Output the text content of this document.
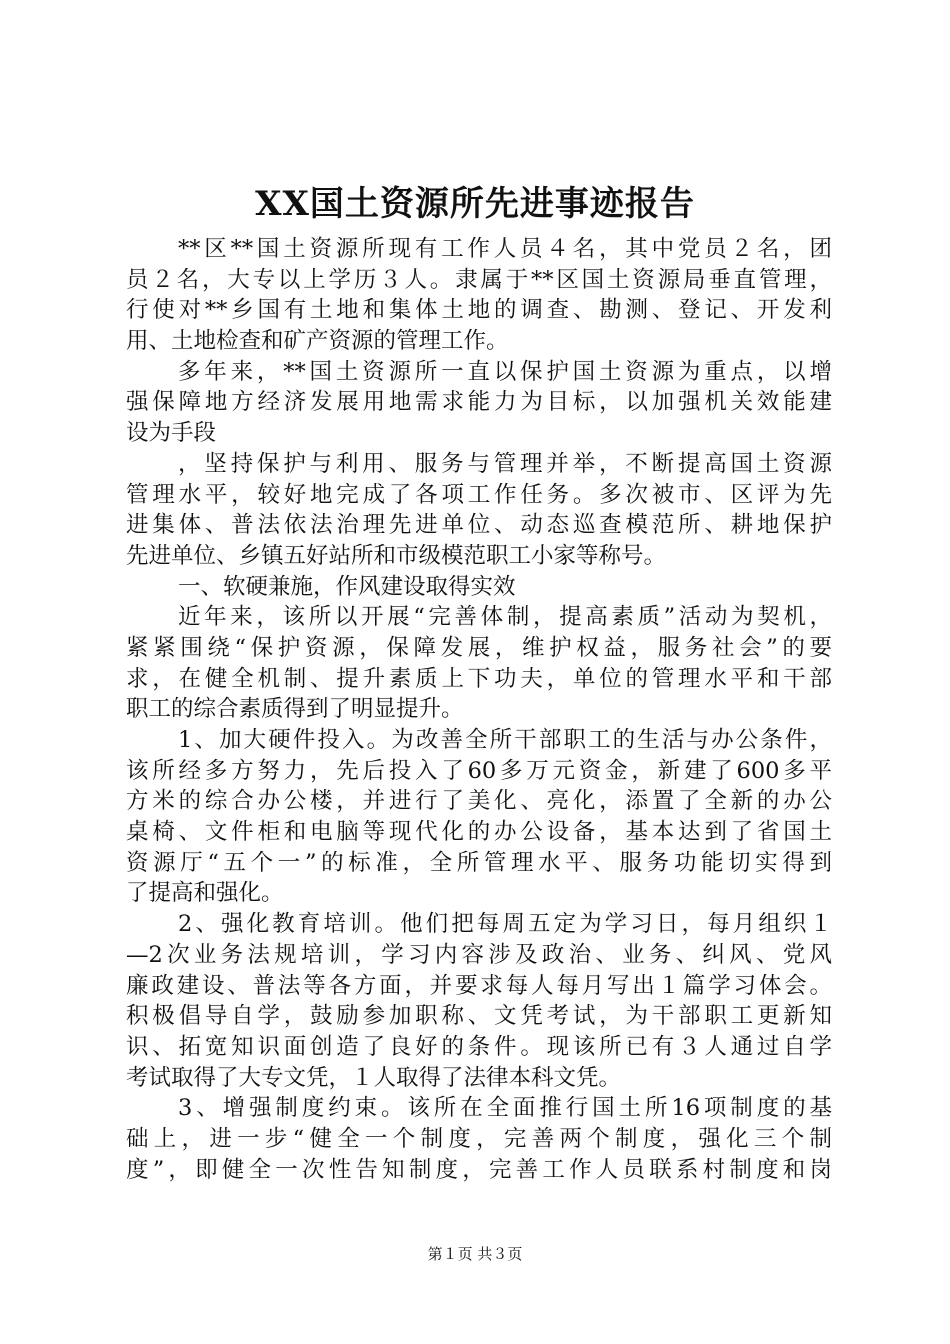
XX国土资源所先进事迹报告
**区**国土资源所现有工作人员４名，其中党员２名，团
员２名，大专以上学历３人。隶属于**区国土资源局垂直管理，
行使对**乡国有土地和集体土地的调查、勘测、登记、开发利
用、土地检查和矿产资源的管理工作。
多年来，**国土资源所一直以保护国土资源为重点，以增
强保障地方经济发展用地需求能力为目标，以加强机关效能建
设为手段
，坚持保护与利用、服务与管理并举，不断提高国土资源
管理水平，较好地完成了各项工作任务。多次被市、区评为先
进集体、普法依法治理先进单位、动态巡查模范所、耕地保护
先进单位、乡镇五好站所和市级模范职工小家等称号。
一、软硬兼施，作风建设取得实效
近年来，该所以开展“完善体制，提高素质”活动为契机，
紧紧围绕“保护资源，保障发展，维护权益，服务社会”的要
求，在健全机制、提升素质上下功夫，单位的管理水平和干部
职工的综合素质得到了明显提升。
1、加大硬件投入。为改善全所干部职工的生活与办公条件，
该所经多方努力，先后投入了60多万元资金，新建了600多平
方米的综合办公楼，并进行了美化、亮化，添置了全新的办公
桌椅、文件柜和电脑等现代化的办公设备，基本达到了省国土
资源厅“五个一”的标准，全所管理水平、服务功能切实得到
了提高和强化。
2、强化教育培训。他们把每周五定为学习日，每月组织１
—2次业务法规培训，学习内容涉及政治、业务、纠风、党风
廉政建设、普法等各方面，并要求每人每月写出１篇学习体会。
积极倡导自学，鼓励参加职称、文凭考试，为干部职工更新知
识、拓宽知识面创造了良好的条件。现该所已有３人通过自学
考试取得了大专文凭，１人取得了法律本科文凭。
3、增强制度约束。该所在全面推行国土所16项制度的基
础上，进一步“健全一个制度，完善两个制度，强化三个制
度”，即健全一次性告知制度，完善工作人员联系村制度和岗
第１页 共３页
